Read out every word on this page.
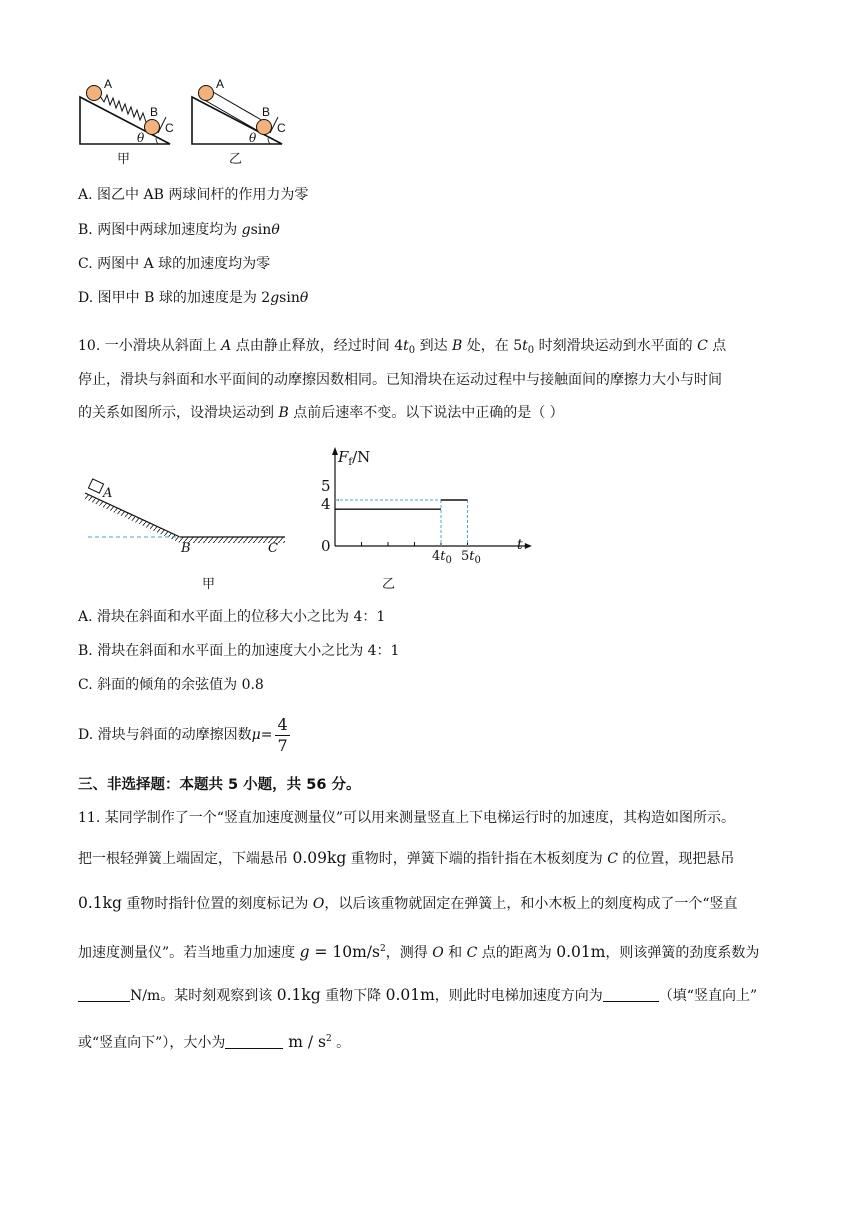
A
B
C
θ
甲
A
B
C
θ
乙
A. 图乙中 AB 两球间杆的作用力为零
B. 两图中两球加速度均为 gsinθ
C. 两图中 A 球的加速度均为零
D. 图甲中 B 球的加速度是为 2gsinθ
10. 一小滑块从斜面上 A 点由静止释放，经过时间 $4t_0$ 到达 B 处，在 $5t_0$ 时刻滑块运动到水平面的 C 点
停止，滑块与斜面和水平面间的动摩擦因数相同。已知滑块在运动过程中与接触面间的摩擦力大小与时间
的关系如图所示，设滑块运动到 B 点前后速率不变。以下说法中正确的是（ ）
A
B	C
甲
$F_f/N$
5
4
0
$4t_0$ $5t_0$
t
乙
A. 滑块在斜面和水平面上的位移大小之比为 4：1
B. 滑块在斜面和水平面上的加速度大小之比为 4：1
C. 斜面的倾角的余弦值为 0.8
D. 滑块与斜面的动摩擦因数$\mu= \frac{4}{7}$
三、非选择题：本题共 5 小题，共 56 分。
11. 某同学制作了一个“竖直加速度测量仪”可以用来测量竖直上下电梯运行时的加速度，其构造如图所示。
把一根轻弹簧上端固定，下端悬吊 0.09kg 重物时，弹簧下端的指针指在木板刻度为 C 的位置，现把悬吊
0.1kg 重物时指针位置的刻度标记为 O，以后该重物就固定在弹簧上，和小木板上的刻度构成了一个“竖直
加速度测量仪”。若当地重力加速度 $g = 10m/s^2$，测得 O 和 C 点的距离为 0.01m，则该弹簧的劲度系数为
N/m。某时刻观察到该 0.1kg 重物下降 0.01m，则此时电梯加速度方向为	（填“竖直向上”
或“竖直向下”），大小为	m / $s^2$ 。
